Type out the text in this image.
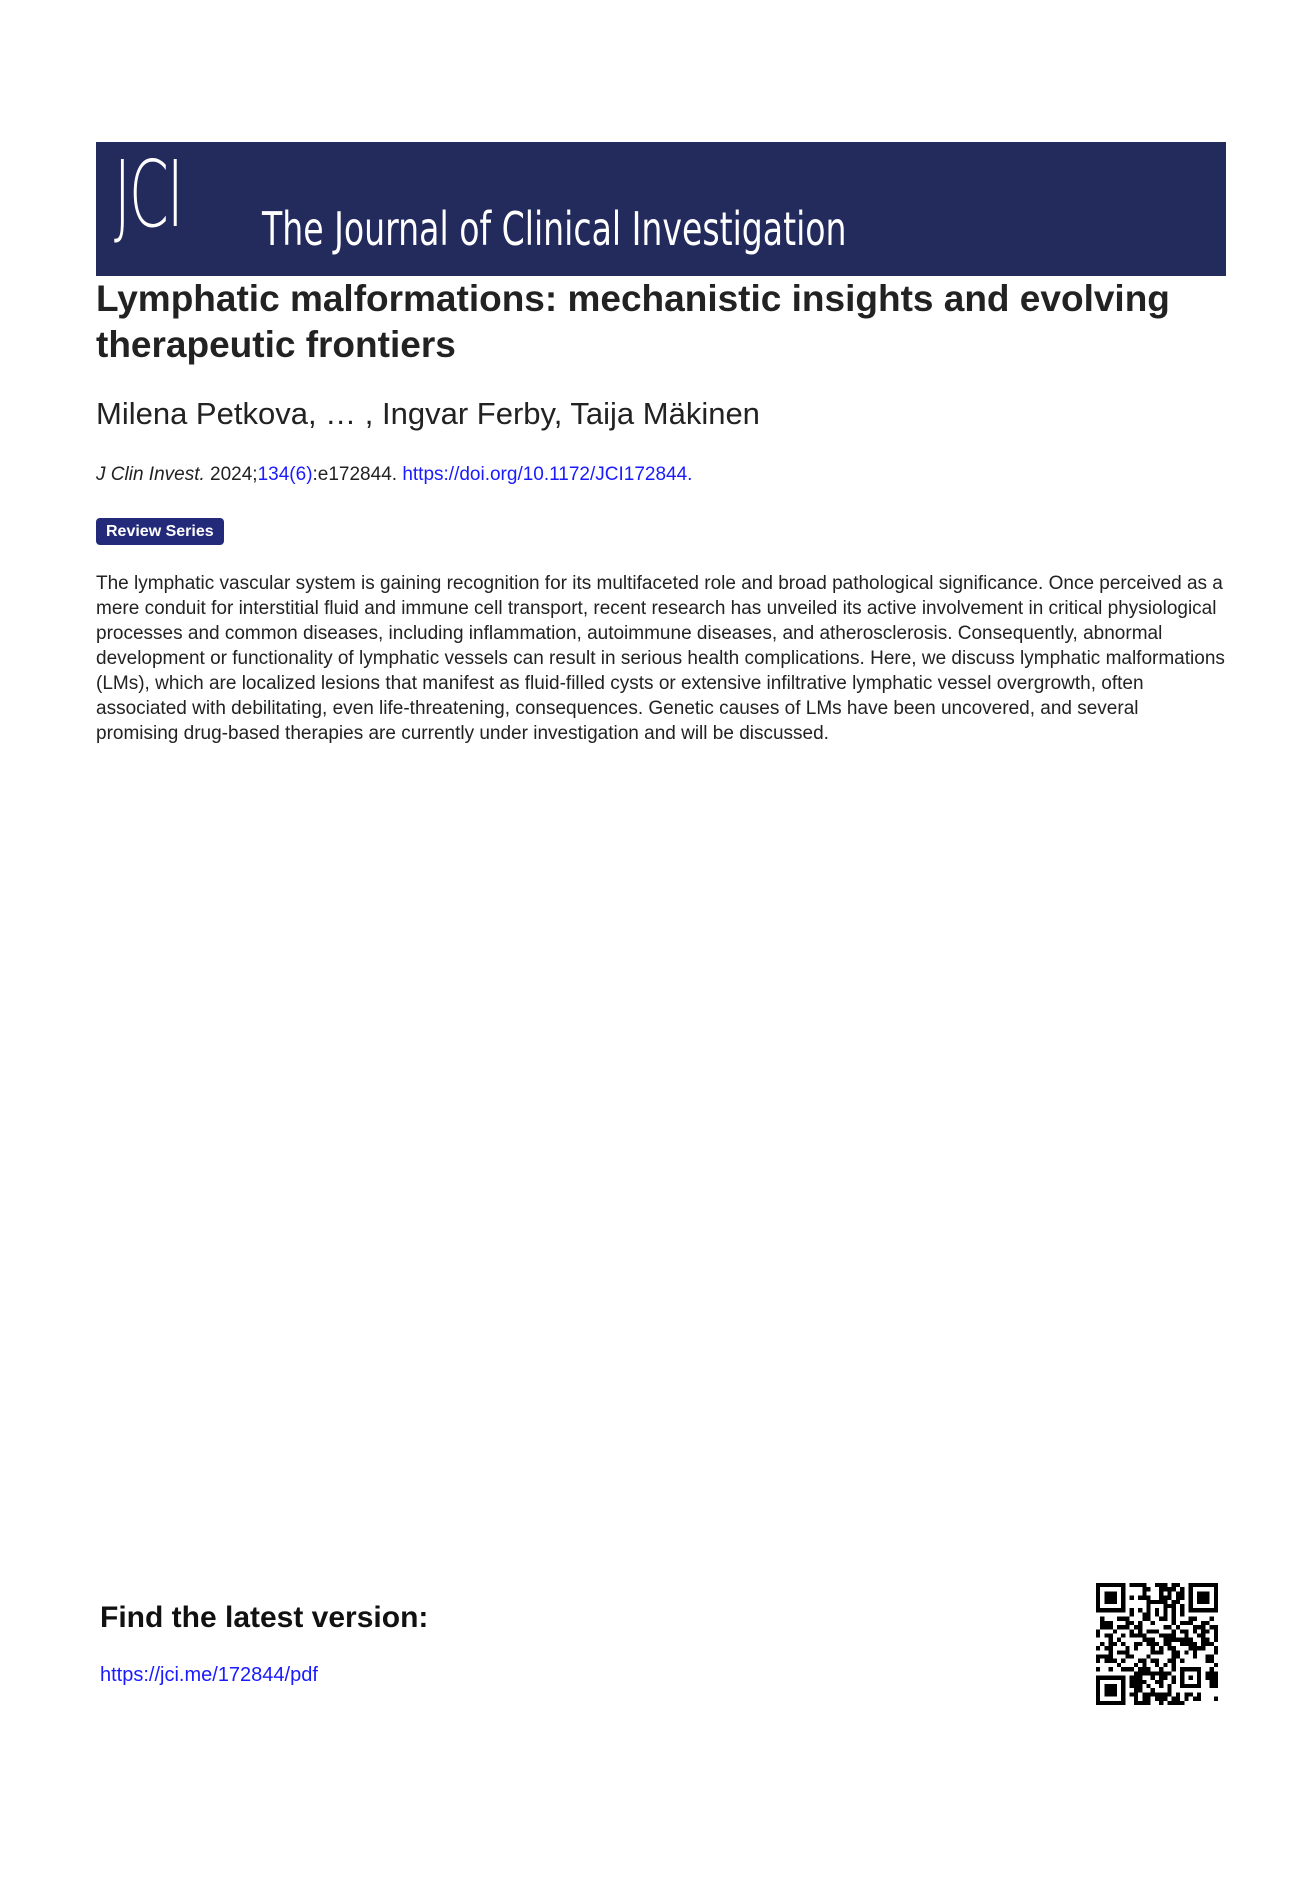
JCI The Journal of Clinical Investigation
Lymphatic malformations: mechanistic insights and evolving therapeutic frontiers
Milena Petkova, … , Ingvar Ferby, Taija Mäkinen
J Clin Invest. 2024;134(6):e172844. https://doi.org/10.1172/JCI172844.
Review Series

The lymphatic vascular system is gaining recognition for its multifaceted role and broad pathological significance. Once perceived as a mere conduit for interstitial fluid and immune cell transport, recent research has unveiled its active involvement in critical physiological processes and common diseases, including inflammation, autoimmune diseases, and atherosclerosis. Consequently, abnormal development or functionality of lymphatic vessels can result in serious health complications. Here, we discuss lymphatic malformations (LMs), which are localized lesions that manifest as fluid-filled cysts or extensive infiltrative lymphatic vessel overgrowth, often associated with debilitating, even life-threatening, consequences. Genetic causes of LMs have been uncovered, and several promising drug-based therapies are currently under investigation and will be discussed.

Find the latest version:
https://jci.me/172844/pdf
